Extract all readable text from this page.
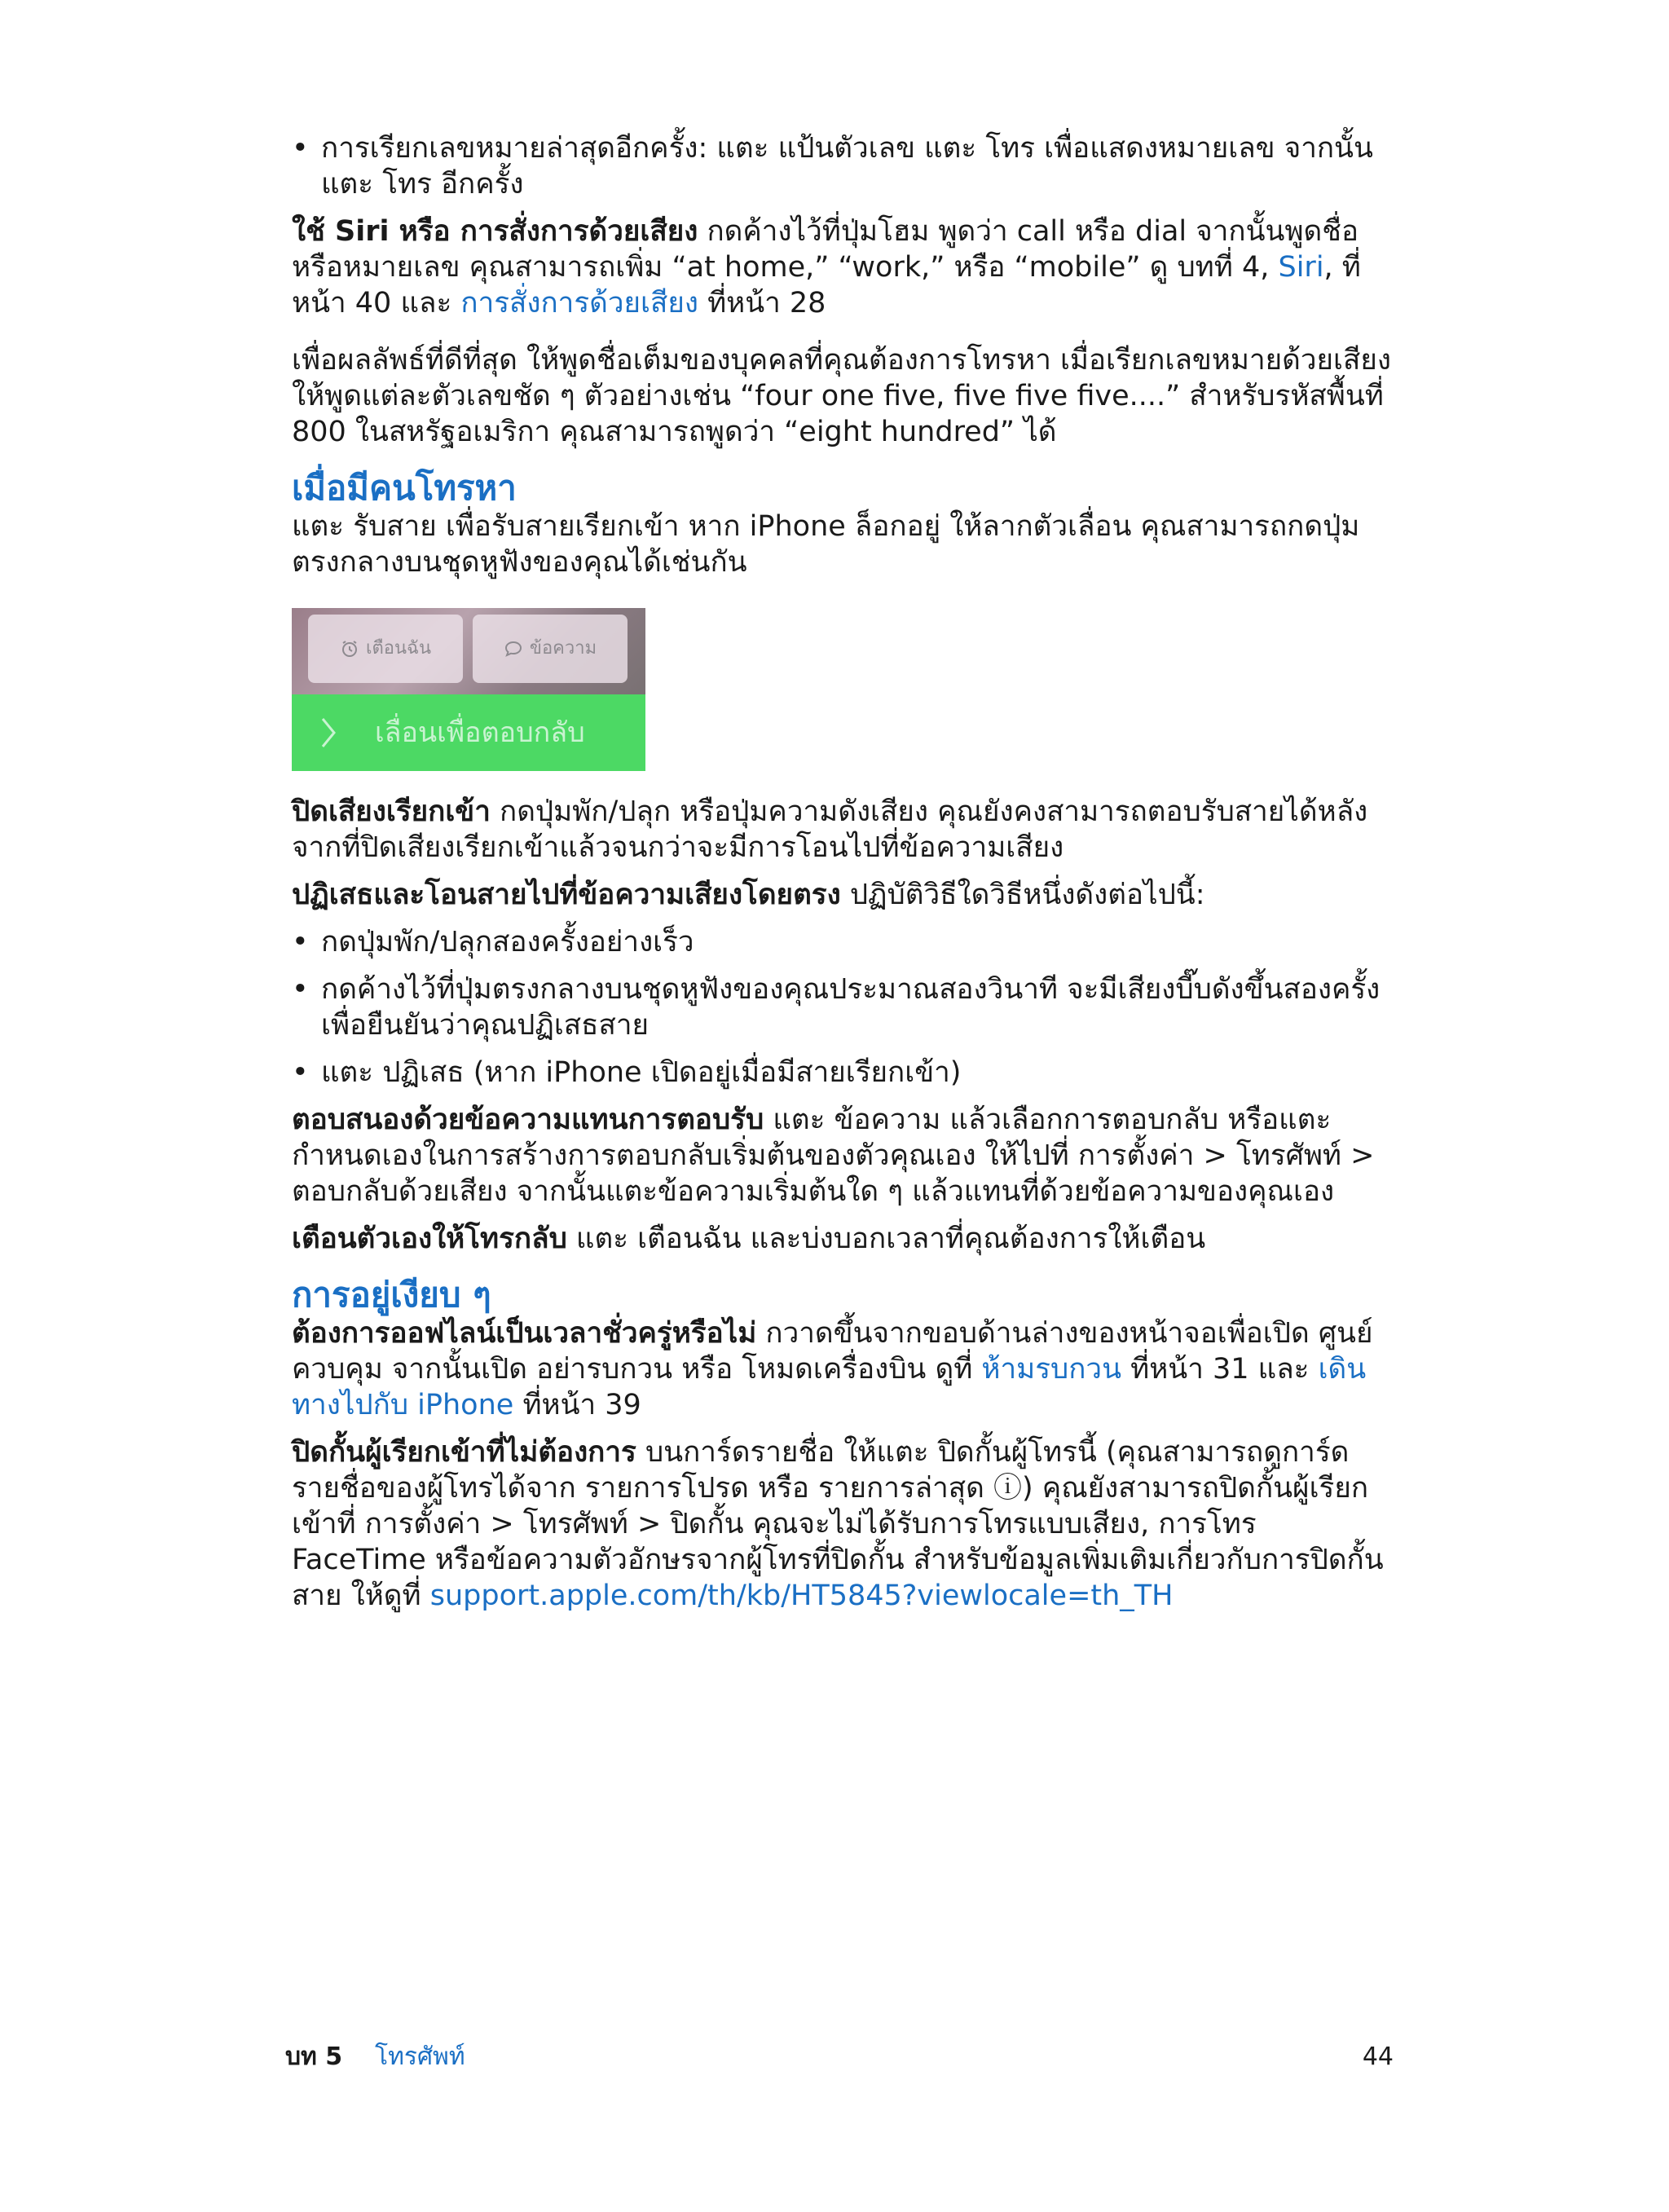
• การเรียกเลขหมายล่าสุดอีกครั้ง: แตะ แป้นตัวเลข แตะ โทร เพื่อแสดงหมายเลข จากนั้นแตะ โทร อีกครั้ง

ใช้ Siri หรือ การสั่งการด้วยเสียง กดค้างไว้ที่ปุ่มโฮม พูดว่า call หรือ dial จากนั้นพูดชื่อหรือหมายเลข คุณสามารถเพิ่ม “at home,” “work,” หรือ “mobile” ดู บทที่ 4, Siri, ที่หน้า 40 และ การสั่งการด้วยเสียง ที่หน้า 28

เพื่อผลลัพธ์ที่ดีที่สุด ให้พูดชื่อเต็มของบุคคลที่คุณต้องการโทรหา เมื่อเรียกเลขหมายด้วยเสียง ให้พูดแต่ละตัวเลขชัด ๆ ตัวอย่างเช่น “four one five, five five five....” สำหรับรหัสพื้นที่ 800 ในสหรัฐอเมริกา คุณสามารถพูดว่า “eight hundred” ได้

เมื่อมีคนโทรหา

แตะ รับสาย เพื่อรับสายเรียกเข้า หาก iPhone ล็อกอยู่ ให้ลากตัวเลื่อน คุณสามารถกดปุ่มตรงกลางบนชุดหูฟังของคุณได้เช่นกัน

เตือนฉัน	ข้อความ
เลื่อนเพื่อตอบกลับ

ปิดเสียงเรียกเข้า กดปุ่มพัก/ปลุก หรือปุ่มความดังเสียง คุณยังคงสามารถตอบรับสายได้หลังจากที่ปิดเสียงเรียกเข้าแล้วจนกว่าจะมีการโอนไปที่ข้อความเสียง

ปฏิเสธและโอนสายไปที่ข้อความเสียงโดยตรง ปฏิบัติวิธีใดวิธีหนึ่งดังต่อไปนี้:

• กดปุ่มพัก/ปลุกสองครั้งอย่างเร็ว

• กดค้างไว้ที่ปุ่มตรงกลางบนชุดหูฟังของคุณประมาณสองวินาที จะมีเสียงบี๊บดังขึ้นสองครั้งเพื่อยืนยันว่าคุณปฏิเสธสาย

• แตะ ปฏิเสธ (หาก iPhone เปิดอยู่เมื่อมีสายเรียกเข้า)

ตอบสนองด้วยข้อความแทนการตอบรับ แตะ ข้อความ แล้วเลือกการตอบกลับ หรือแตะ กำหนดเองในการสร้างการตอบกลับเริ่มต้นของตัวคุณเอง ให้ไปที่ การตั้งค่า > โทรศัพท์ > ตอบกลับด้วยเสียง จากนั้นแตะข้อความเริ่มต้นใด ๆ แล้วแทนที่ด้วยข้อความของคุณเอง

เตือนตัวเองให้โทรกลับ แตะ เตือนฉัน และบ่งบอกเวลาที่คุณต้องการให้เตือน

การอยู่เงียบ ๆ

ต้องการออฟไลน์เป็นเวลาชั่วครู่หรือไม่ กวาดขึ้นจากขอบด้านล่างของหน้าจอเพื่อเปิด ศูนย์ควบคุม จากนั้นเปิด อย่ารบกวน หรือ โหมดเครื่องบิน ดูที่ ห้ามรบกวน ที่หน้า 31 และ เดินทางไปกับ iPhone ที่หน้า 39

ปิดกั้นผู้เรียกเข้าที่ไม่ต้องการ บนการ์ดรายชื่อ ให้แตะ ปิดกั้นผู้โทรนี้ (คุณสามารถดูการ์ดรายชื่อของผู้โทรได้จาก รายการโปรด หรือ รายการล่าสุด ⓘ) คุณยังสามารถปิดกั้นผู้เรียกเข้าที่ การตั้งค่า > โทรศัพท์ > ปิดกั้น คุณจะไม่ได้รับการโทรแบบเสียง, การโทร FaceTime หรือข้อความตัวอักษรจากผู้โทรที่ปิดกั้น สำหรับข้อมูลเพิ่มเติมเกี่ยวกับการปิดกั้นสาย ให้ดูที่ support.apple.com/th/kb/HT5845?viewlocale=th_TH

บท 5 โทรศัพท์	44
